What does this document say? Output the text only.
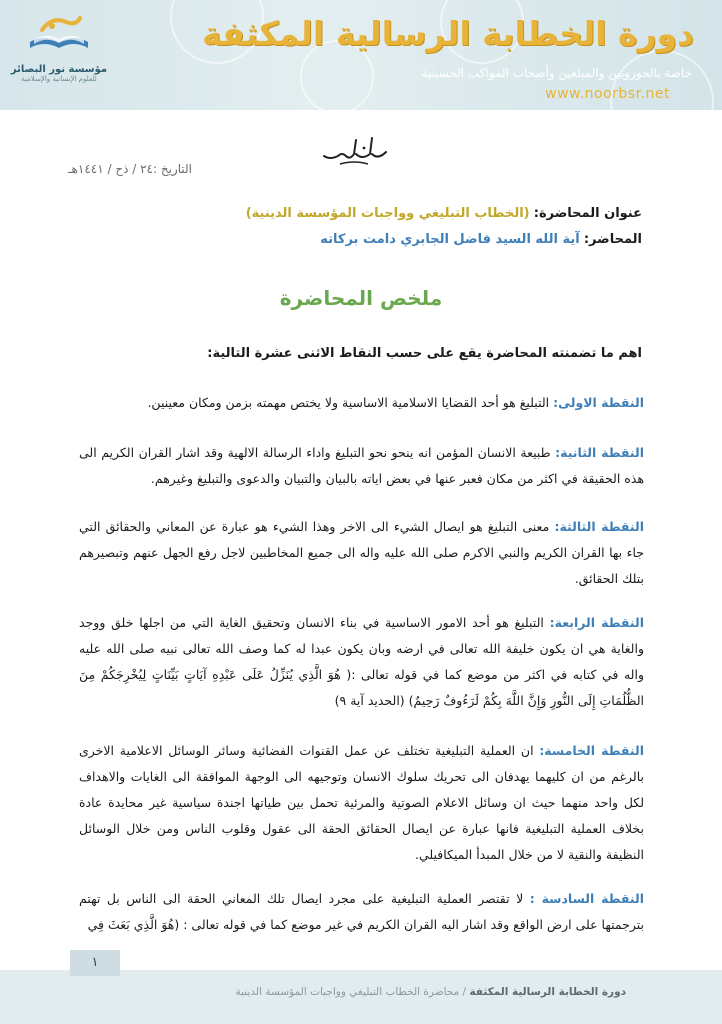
مؤسسة نور البصائر
للعلوم الإنسانية والإسلامية
دورة الخطابة الرسالية المكثفة
خاصة بالحوزويين والمبلغين وأصحاب المواكب الحسينية
www.noorbsr.net
التاريخ :٢٤ / ذح / ١٤٤١هـ
عنوان المحاضرة: (الخطاب التبليغي وواجبات المؤسسة الدينية)
المحاضر: آية الله السيد فاضل الجابري دامت بركاته
ملخص المحاضرة
اهم ما تضمنته المحاضرة يقع على حسب النقاط الاثنى عشرة التالية:
النقطة الاولى: التبليغ هو أحد القضايا الاسلامية الاساسية ولا يختص مهمته بزمن ومكان معينين.
النقطة الثانية: طبيعة الانسان المؤمن انه ينحو نحو التبليغ واداء الرسالة الالهية وقد اشار القران الكريم الى هذه الحقيقة في اكثر من مكان فعبر عنها في بعض اياته بالبيان والتبيان والدعوى والتبليغ وغيرهم.
النقطة الثالثة: معنى التبليغ هو ايصال الشيء الى الاخر وهذا الشيء هو عبارة عن المعاني والحقائق التي جاء بها القران الكريم والنبي الاكرم صلى الله عليه واله الى جميع المخاطبين لاجل رفع الجهل عنهم وتبصيرهم بتلك الحقائق.
النقطة الرابعة: التبليغ هو أحد الامور الاساسية في بناء الانسان وتحقيق الغاية التي من اجلها خلق ووجد والغاية هي ان يكون خليفة الله تعالى في ارضه وبان يكون عبدا له كما وصف الله تعالى نبيه صلى الله عليه واله في كتابه في اكثر من موضع كما في قوله تعالى :( هُوَ الَّذِي يُنَزِّلُ عَلَى عَبْدِهِ آيَاتٍ بَيِّنَاتٍ لِيُخْرِجَكُمْ مِنَ الظُّلُمَاتِ إِلَى النُّورِ وَإِنَّ اللَّهَ بِكُمْ لَرَءُوفٌ رَحِيمٌ) (الحديد آية ٩)
النقطة الخامسة: ان العملية التبليغية تختلف عن عمل القنوات الفضائية وسائر الوسائل الاعلامية الاخرى بالرغم من ان كليهما يهدفان الى تحريك سلوك الانسان وتوجيهه الى الوجهة الموافقة الى الغايات والاهداف لكل واحد منهما حيث ان وسائل الاعلام الصوتية والمرئية تحمل بين طياتها اجندة سياسية غير محايدة عادة بخلاف العملية التبليغية فانها عبارة عن ايصال الحقائق الحقة الى عقول وقلوب الناس ومن خلال الوسائل النظيفة والنقية لا من خلال المبدأ الميكافيلي.
النقطة السادسة : لا تقتصر العملية التبليغية على مجرد ايصال تلك المعاني الحقة الى الناس بل تهتم بترجمتها على ارض الواقع وقد اشار اليه القران الكريم في غير موضع كما في قوله تعالى : (هُوَ الَّذِي بَعَثَ فِي
١
دورة الخطابة الرسالية المكثفة / محاضرة الخطاب التبليغي وواجبات المؤسسة الدينية
